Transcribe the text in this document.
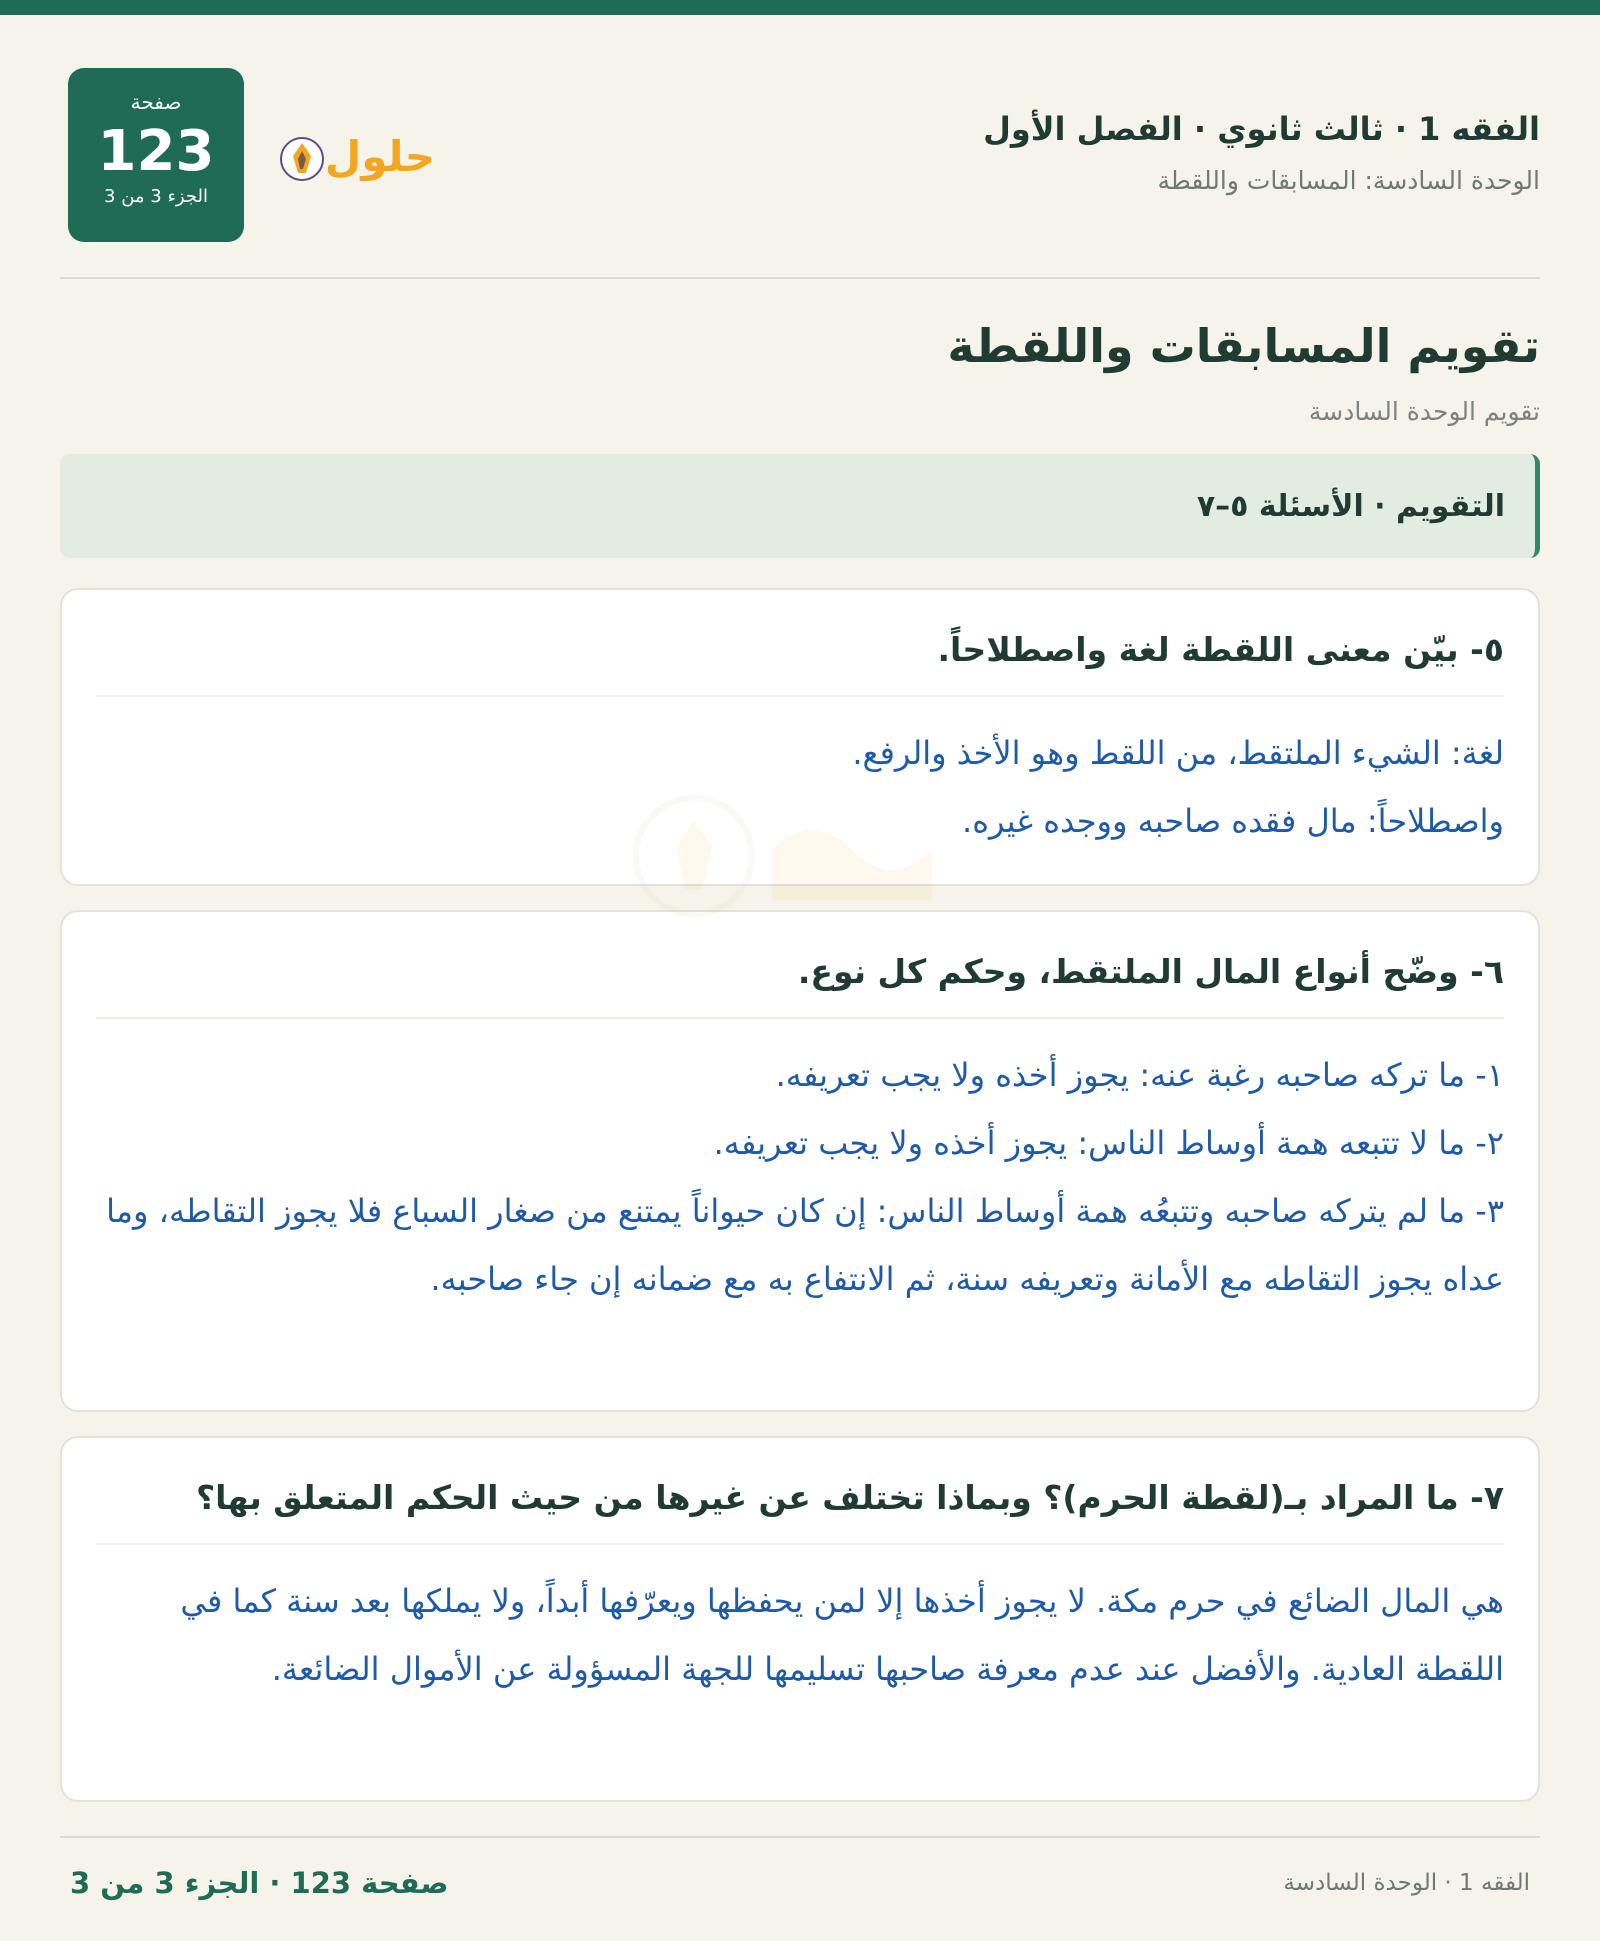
الفقه 1 · ثالث ثانوي · الفصل الأول
الوحدة السادسة: المسابقات واللقطة
حلول
صفحة
123
الجزء 3 من 3
تقويم المسابقات واللقطة
تقويم الوحدة السادسة
التقويم · الأسئلة ٥–٧
٥- بيّن معنى اللقطة لغة واصطلاحاً.

لغة: الشيء الملتقط، من اللقط وهو الأخذ والرفع.

واصطلاحاً: مال فقده صاحبه ووجده غيره.

٦- وضّح أنواع المال الملتقط، وحكم كل نوع.

١- ما تركه صاحبه رغبة عنه: يجوز أخذه ولا يجب تعريفه.

٢- ما لا تتبعه همة أوساط الناس: يجوز أخذه ولا يجب تعريفه.

٣- ما لم يتركه صاحبه وتتبعُه همة أوساط الناس: إن كان حيواناً يمتنع من صغار السباع فلا يجوز التقاطه، وما عداه يجوز التقاطه مع الأمانة وتعريفه سنة، ثم الانتفاع به مع ضمانه إن جاء صاحبه.

٧- ما المراد بـ(لقطة الحرم)؟ وبماذا تختلف عن غيرها من حيث الحكم المتعلق بها؟

هي المال الضائع في حرم مكة. لا يجوز أخذها إلا لمن يحفظها ويعرّفها أبداً، ولا يملكها بعد سنة كما في اللقطة العادية. والأفضل عند عدم معرفة صاحبها تسليمها للجهة المسؤولة عن الأموال الضائعة.

الفقه 1 · الوحدة السادسة
صفحة 123 · الجزء 3 من 3
